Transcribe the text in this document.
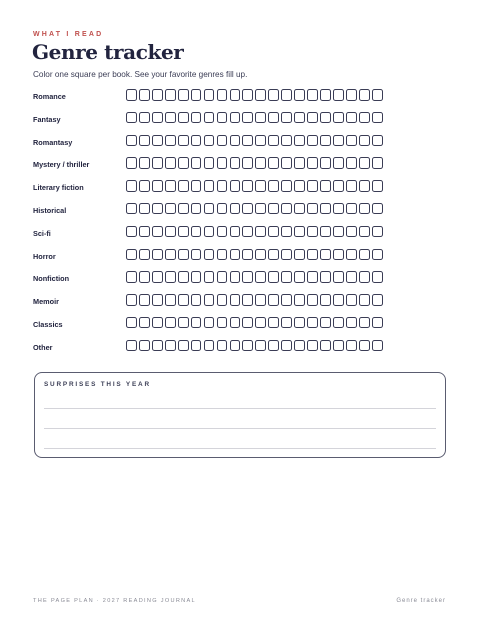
WHAT I READ
Genre tracker
Color one square per book. See your favorite genres fill up.
Romance
Fantasy
Romantasy
Mystery / thriller
Literary fiction
Historical
Sci-fi
Horror
Nonfiction
Memoir
Classics
Other
SURPRISES THIS YEAR
THE PAGE PLAN · 2027 READING JOURNAL	Genre tracker
